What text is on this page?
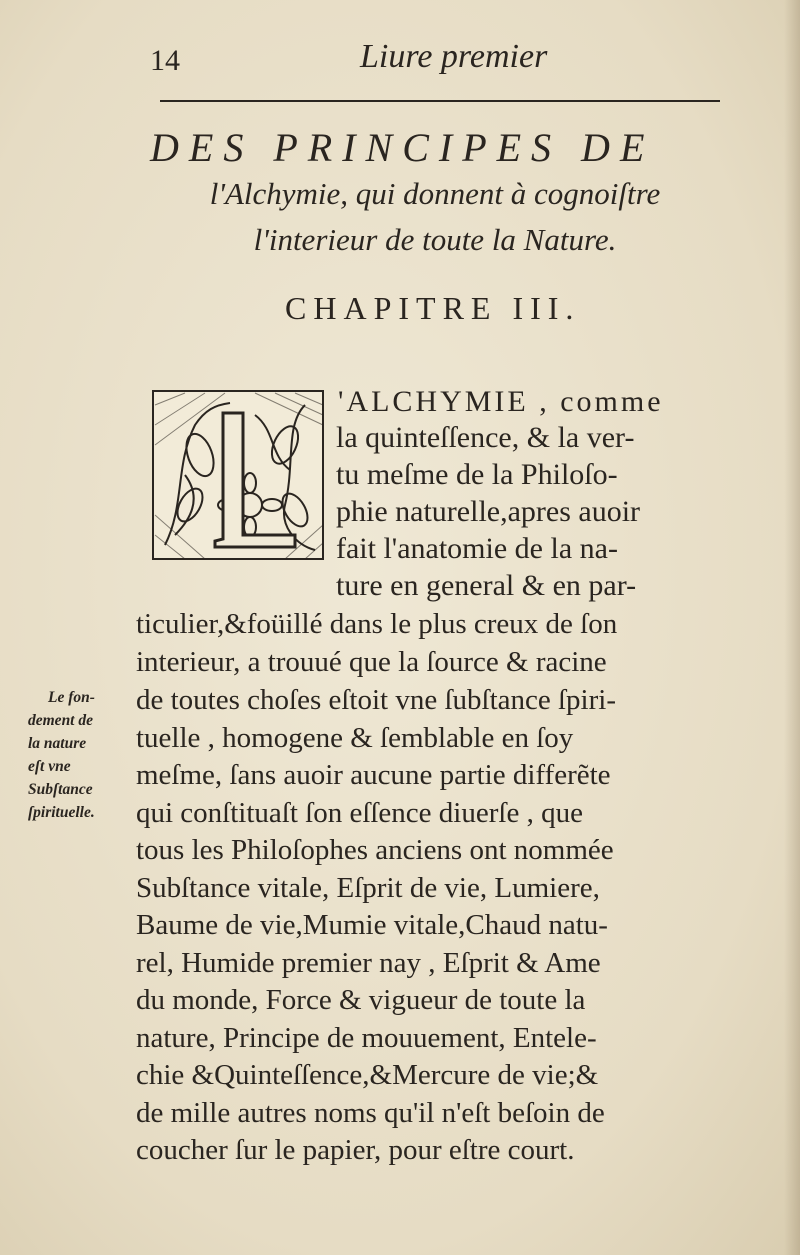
14	Liure premier
DES PRINCIPES DE
l'Alchymie, qui donnent à cognoiſtre
l'interieur de toute la Nature.
CHAPITRE III.
'ALCHYMIE , comme
la quinteſſence, & la ver-
tu meſme de la Philoſo-
phie naturelle,apres auoir
fait l'anatomie de la na-
ture en general & en par-
ticulier,&foüillé dans le plus creux de ſon
interieur, a trouué que la ſource & racine
de toutes choſes eſtoit vne ſubſtance ſpiri-
tuelle , homogene & ſemblable en ſoy
meſme, ſans auoir aucune partie differẽte
qui conſtituaſt ſon eſſence diuerſe , que
tous les Philoſophes anciens ont nommée
Subſtance vitale, Eſprit de vie, Lumiere,
Baume de vie,Mumie vitale,Chaud natu-
rel, Humide premier nay , Eſprit & Ame
du monde, Force & vigueur de toute la
nature, Principe de mouuement, Entele-
chie &Quinteſſence,&Mercure de vie;&
de mille autres noms qu'il n'eſt beſoin de
coucher ſur le papier, pour eſtre court.
Le fon-
dement de
la nature
eſt vne
Subſtance
ſpirituelle.
